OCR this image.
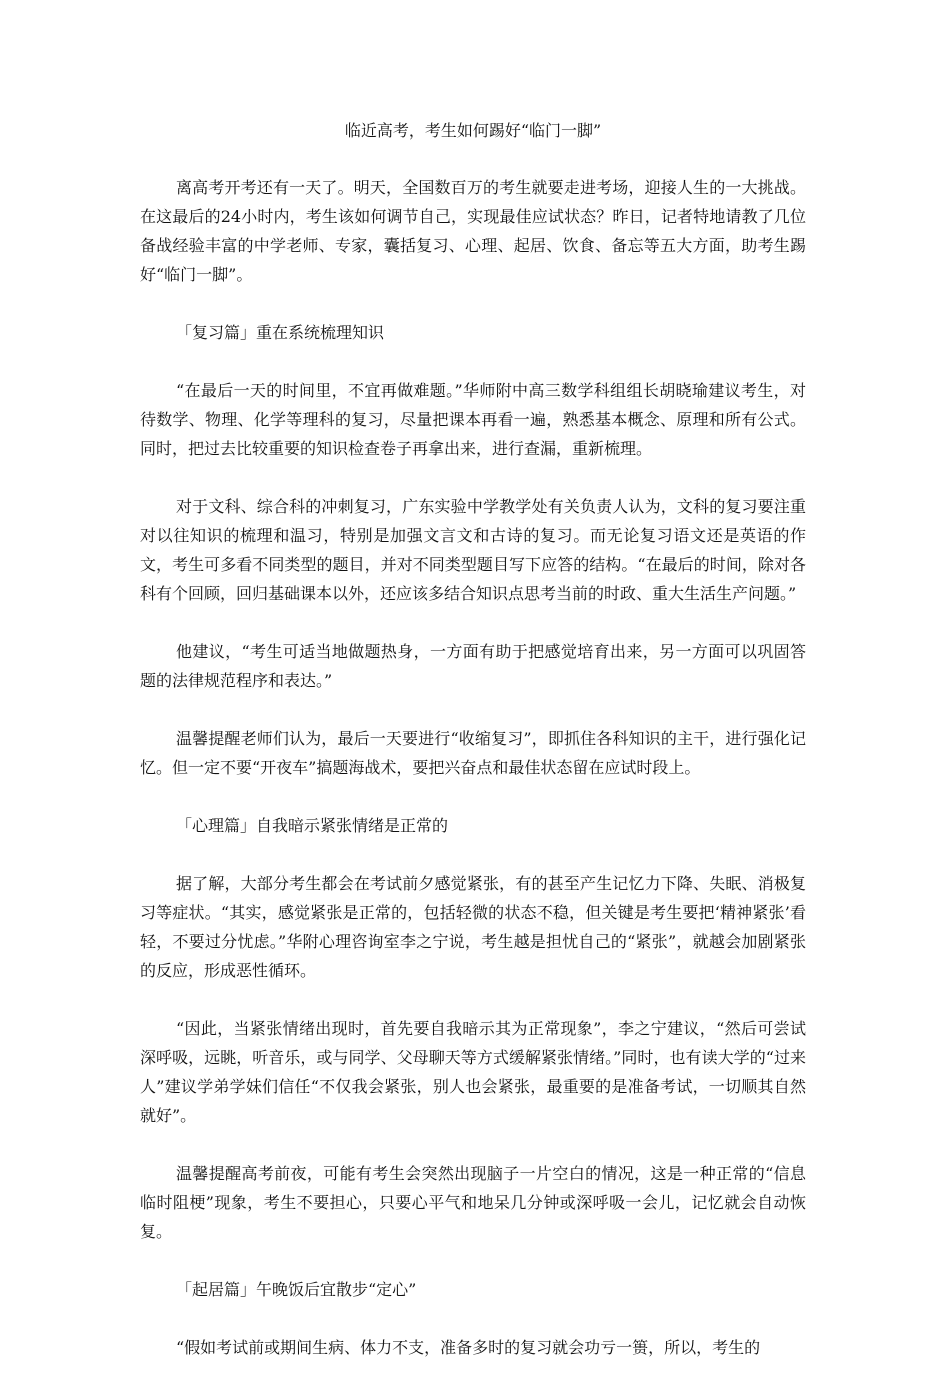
临近高考，考生如何踢好“临门一脚”

离高考开考还有一天了。明天，全国数百万的考生就要走进考场，迎接人生的一大挑战。在这最后的24小时内，考生该如何调节自己，实现最佳应试状态？昨日，记者特地请教了几位备战经验丰富的中学老师、专家，囊括复习、心理、起居、饮食、备忘等五大方面，助考生踢好“临门一脚”。

「复习篇」重在系统梳理知识

“在最后一天的时间里，不宜再做难题。”华师附中高三数学科组组长胡晓瑜建议考生，对待数学、物理、化学等理科的复习，尽量把课本再看一遍，熟悉基本概念、原理和所有公式。同时，把过去比较重要的知识检查卷子再拿出来，进行查漏，重新梳理。

对于文科、综合科的冲刺复习，广东实验中学教学处有关负责人认为，文科的复习要注重对以往知识的梳理和温习，特别是加强文言文和古诗的复习。而无论复习语文还是英语的作文，考生可多看不同类型的题目，并对不同类型题目写下应答的结构。“在最后的时间，除对各科有个回顾，回归基础课本以外，还应该多结合知识点思考当前的时政、重大生活生产问题。”

他建议，“考生可适当地做题热身，一方面有助于把感觉培育出来，另一方面可以巩固答题的法律规范程序和表达。”

温馨提醒老师们认为，最后一天要进行“收缩复习”，即抓住各科知识的主干，进行强化记忆。但一定不要“开夜车”搞题海战术，要把兴奋点和最佳状态留在应试时段上。

「心理篇」自我暗示紧张情绪是正常的

据了解，大部分考生都会在考试前夕感觉紧张，有的甚至产生记忆力下降、失眠、消极复习等症状。“其实，感觉紧张是正常的，包括轻微的状态不稳，但关键是考生要把‘精神紧张’看轻，不要过分忧虑。”华附心理咨询室李之宁说，考生越是担忧自己的“紧张”，就越会加剧紧张的反应，形成恶性循环。

“因此，当紧张情绪出现时，首先要自我暗示其为正常现象”，李之宁建议，“然后可尝试深呼吸，远眺，听音乐，或与同学、父母聊天等方式缓解紧张情绪。”同时，也有读大学的“过来人”建议学弟学妹们信任“不仅我会紧张，别人也会紧张，最重要的是准备考试，一切顺其自然就好”。

温馨提醒高考前夜，可能有考生会突然出现脑子一片空白的情况，这是一种正常的“信息临时阻梗”现象，考生不要担心，只要心平气和地呆几分钟或深呼吸一会儿，记忆就会自动恢复。

「起居篇」午晚饭后宜散步“定心”

“假如考试前或期间生病、体力不支，准备多时的复习就会功亏一篑，所以，考生的
